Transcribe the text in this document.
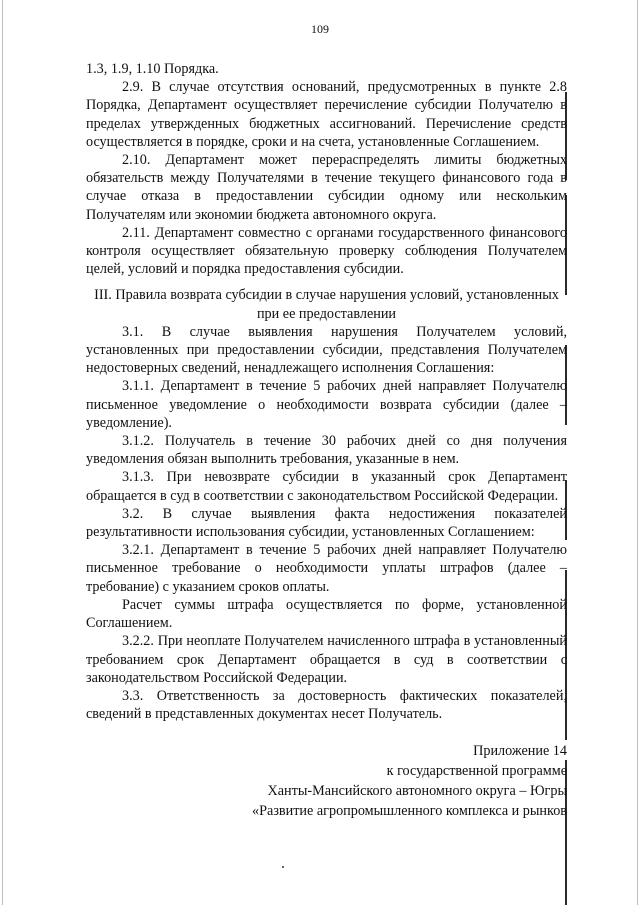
109

1.3, 1.9, 1.10 Порядка.

2.9. В случае отсутствия оснований, предусмотренных в пункте 2.8 Порядка, Департамент осуществляет перечисление субсидии Получателю в пределах утвержденных бюджетных ассигнований. Перечисление средств осуществляется в порядке, сроки и на счета, установленные Соглашением.

2.10. Департамент может перераспределять лимиты бюджетных обязательств между Получателями в течение текущего финансового года в случае отказа в предоставлении субсидии одному или нескольким Получателям или экономии бюджета автономного округа.

2.11. Департамент совместно с органами государственного финансового контроля осуществляет обязательную проверку соблюдения Получателем целей, условий и порядка предоставления субсидии.

III. Правила возврата субсидии в случае нарушения условий, установленных при ее предоставлении

3.1. В случае выявления нарушения Получателем условий, установленных при предоставлении субсидии, представления Получателем недостоверных сведений, ненадлежащего исполнения Соглашения:

3.1.1. Департамент в течение 5 рабочих дней направляет Получателю письменное уведомление о необходимости возврата субсидии (далее – уведомление).

3.1.2. Получатель в течение 30 рабочих дней со дня получения уведомления обязан выполнить требования, указанные в нем.

3.1.3. При невозврате субсидии в указанный срок Департамент обращается в суд в соответствии с законодательством Российской Федерации.

3.2. В случае выявления факта недостижения показателей результативности использования субсидии, установленных Соглашением:

3.2.1. Департамент в течение 5 рабочих дней направляет Получателю письменное требование о необходимости уплаты штрафов (далее – требование) с указанием сроков оплаты.

Расчет суммы штрафа осуществляется по форме, установленной Соглашением.

3.2.2. При неоплате Получателем начисленного штрафа в установленный требованием срок Департамент обращается в суд в соответствии с законодательством Российской Федерации.

3.3. Ответственность за достоверность фактических показателей, сведений в представленных документах несет Получатель.

Приложение 14

к государственной программе

Ханты-Мансийского автономного округа – Югры

«Развитие агропромышленного комплекса и рынков
